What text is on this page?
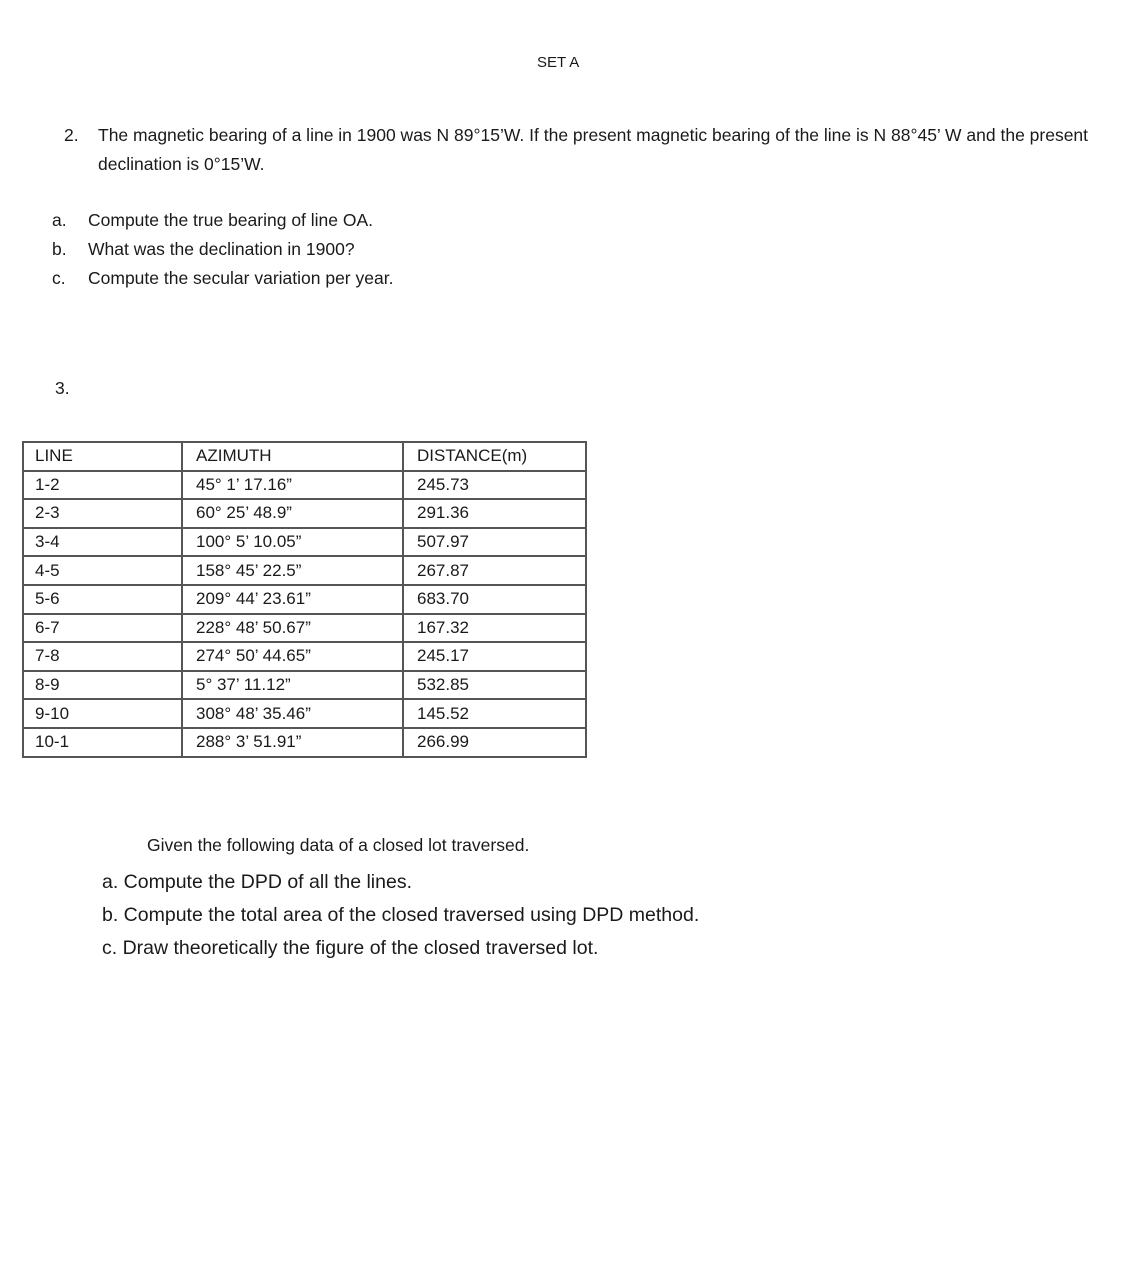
SET A
2. The magnetic bearing of a line in 1900 was N 89°15’W. If the present magnetic bearing of the line is N 88°45’ W and the present declination is 0°15’W.
a. Compute the true bearing of line OA.
b. What was the declination in 1900?
c. Compute the secular variation per year.
3.
LINE	AZIMUTH	DISTANCE(m)
1-2	45° 1’ 17.16”	245.73
2-3	60° 25’ 48.9”	291.36
3-4	100° 5’ 10.05”	507.97
4-5	158° 45’ 22.5”	267.87
5-6	209° 44’ 23.61”	683.70
6-7	228° 48’ 50.67”	167.32
7-8	274° 50’ 44.65”	245.17
8-9	5° 37’ 11.12”	532.85
9-10	308° 48’ 35.46”	145.52
10-1	288° 3’ 51.91”	266.99
Given the following data of a closed lot traversed.
a. Compute the DPD of all the lines.
b. Compute the total area of the closed traversed using DPD method.
c. Draw theoretically the figure of the closed traversed lot.
